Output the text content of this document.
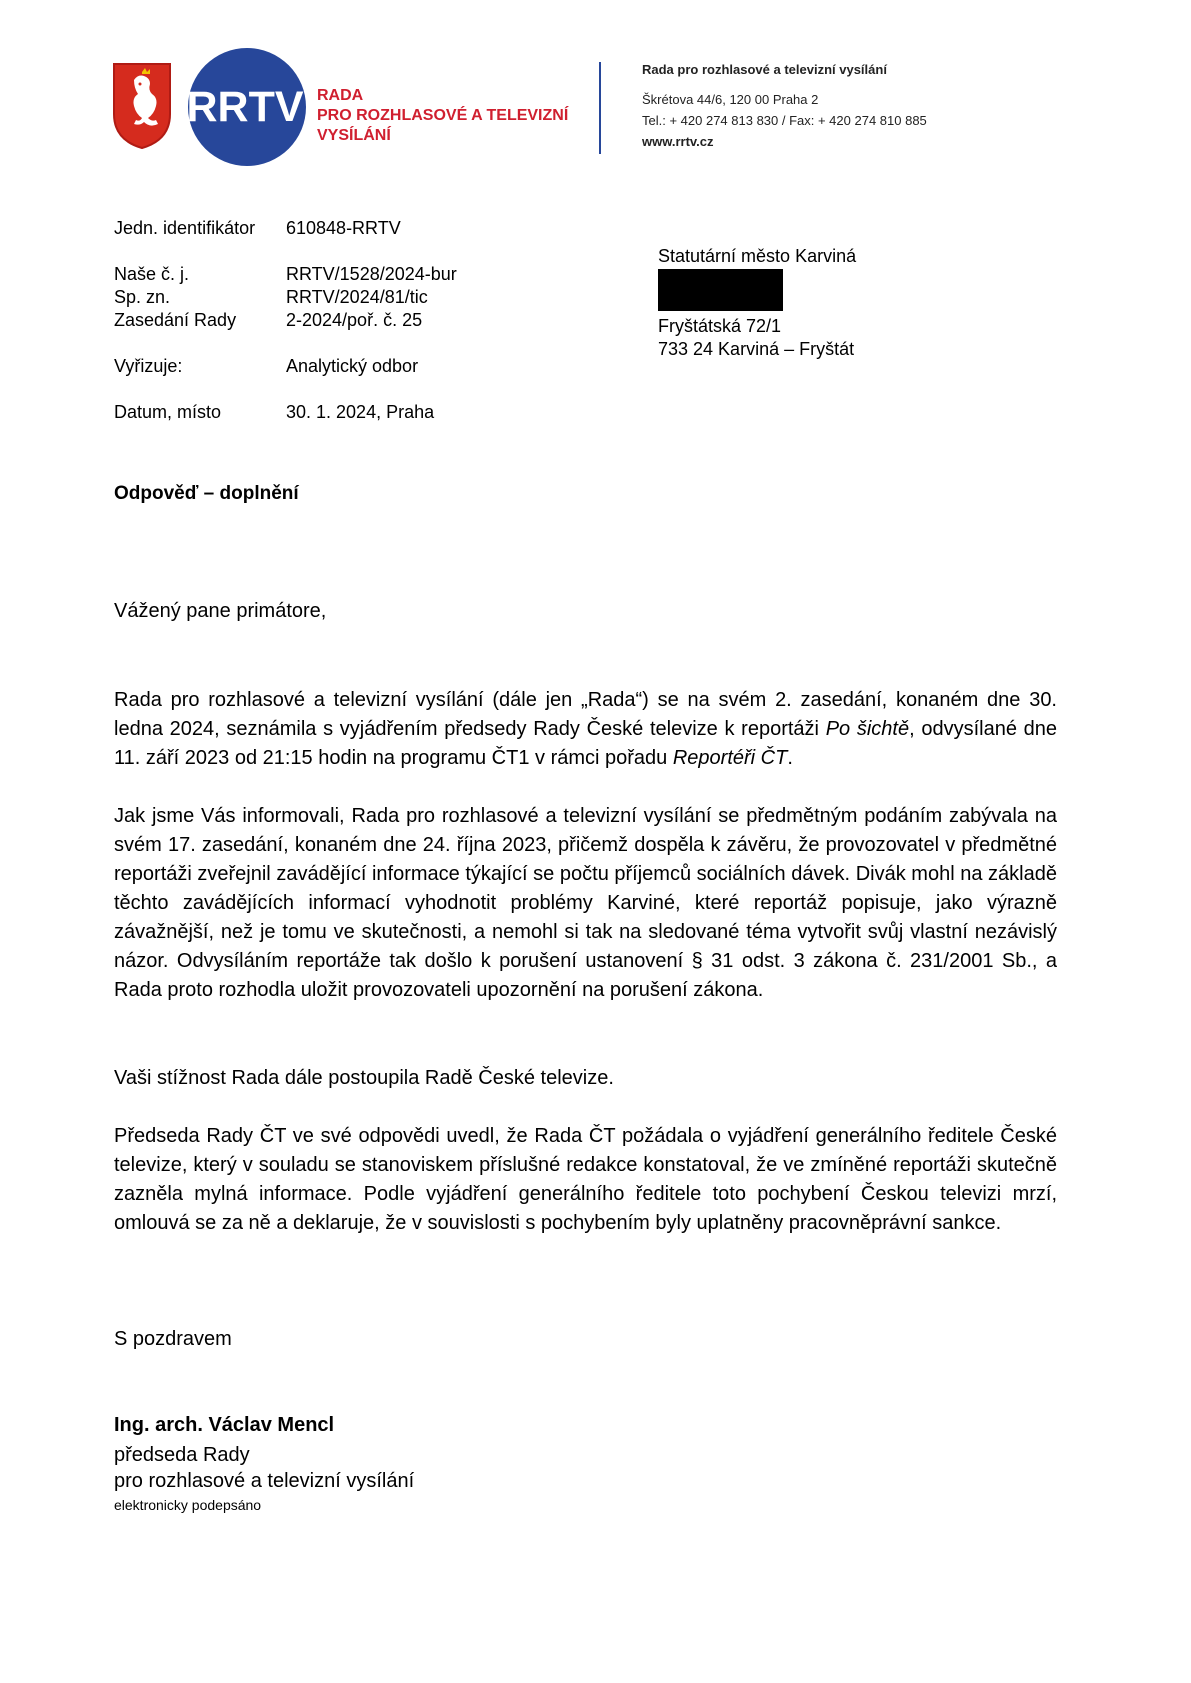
RRTV RADA
PRO ROZHLASOVÉ A TELEVIZNÍ
VYSÍLÁNÍ
Rada pro rozhlasové a televizní vysílání
Škrétova 44/6, 120 00 Praha 2
Tel.: + 420 274 813 830 / Fax: + 420 274 810 885
www.rrtv.cz
Jedn. identifikátor 610848-RRTV
Naše č. j.	RRTV/1528/2024-bur
Sp. zn.	RRTV/2024/81/tic
Zasedání Rady	2-2024/poř. č. 25
Vyřizuje:	Analytický odbor
Datum, místo	30. 1. 2024, Praha
Statutární město Karviná
Fryštátská 72/1
733 24 Karviná – Fryštát
Odpověď – doplnění
Vážený pane primátore,
Rada pro rozhlasové a televizní vysílání (dále jen „Rada“) se na svém 2. zasedání, konaném dne 30. ledna 2024, seznámila s vyjádřením předsedy Rady České televize k reportáži Po šichtě, odvysílané dne 11. září 2023 od 21:15 hodin na programu ČT1 v rámci pořadu Reportéři ČT.
Jak jsme Vás informovali, Rada pro rozhlasové a televizní vysílání se předmětným podáním zabývala na svém 17. zasedání, konaném dne 24. října 2023, přičemž dospěla k závěru, že provozovatel v předmětné reportáži zveřejnil zavádějící informace týkající se počtu příjemců sociálních dávek. Divák mohl na základě těchto zavádějících informací vyhodnotit problémy Karviné, které reportáž popisuje, jako výrazně závažnější, než je tomu ve skutečnosti, a nemohl si tak na sledované téma vytvořit svůj vlastní nezávislý názor. Odvysíláním reportáže tak došlo k porušení ustanovení § 31 odst. 3 zákona č. 231/2001 Sb., a Rada proto rozhodla uložit provozovateli upozornění na porušení zákona.
Vaši stížnost Rada dále postoupila Radě České televize.
Předseda Rady ČT ve své odpovědi uvedl, že Rada ČT požádala o vyjádření generálního ředitele České televize, který v souladu se stanoviskem příslušné redakce konstatoval, že ve zmíněné reportáži skutečně zazněla mylná informace. Podle vyjádření generálního ředitele toto pochybení Českou televizi mrzí, omlouvá se za ně a deklaruje, že v souvislosti s pochybením byly uplatněny pracovněprávní sankce.
S pozdravem
Ing. arch. Václav Mencl
předseda Rady
pro rozhlasové a televizní vysílání
elektronicky podepsáno
